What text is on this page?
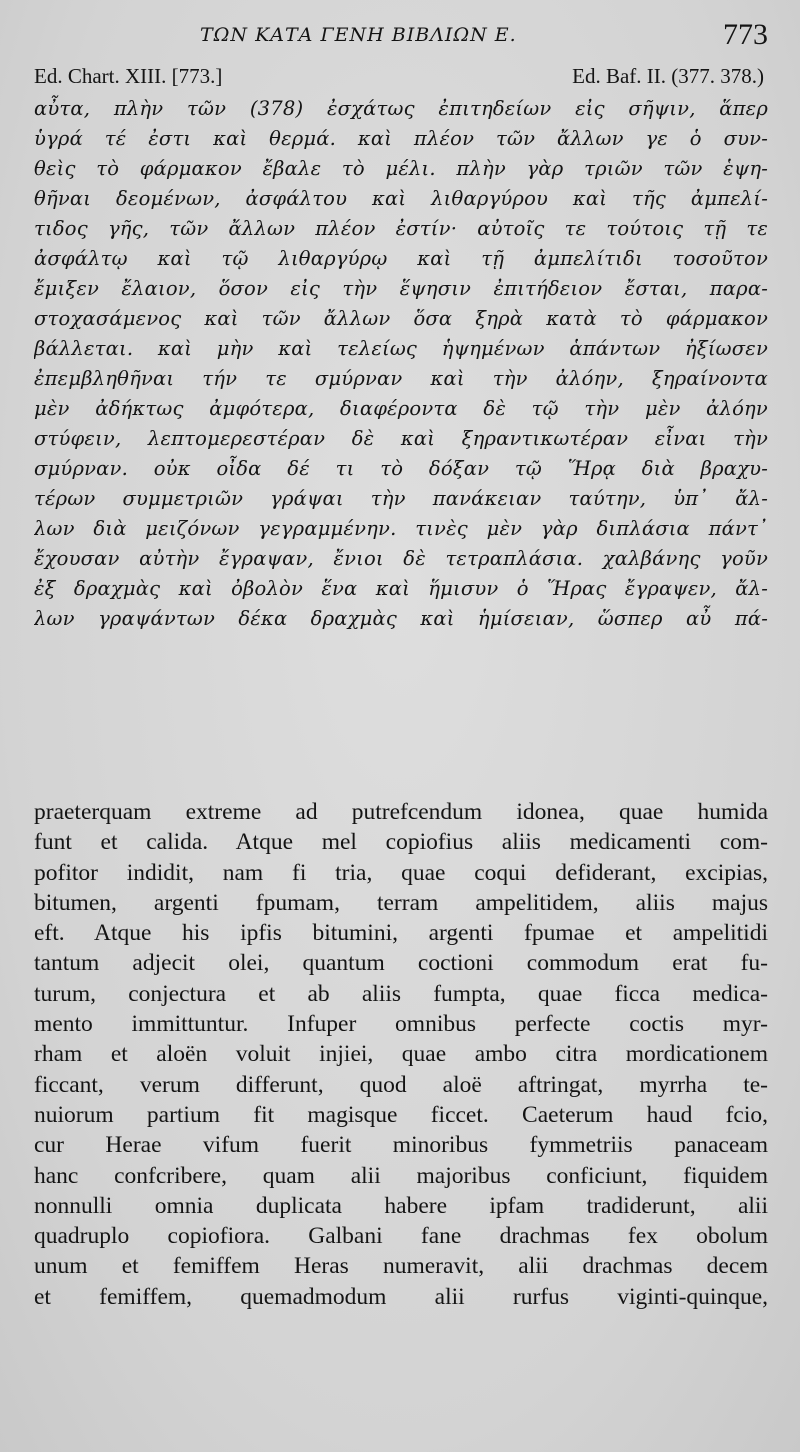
ΤΩΝ ΚΑΤΑ ΓΕΝΗ ΒΙΒΛΙΩΝ Ε.	773
Ed. Chart. XIII. [773.]	Ed. Baf. II. (377. 378.)
αὖτα, πλὴν τῶν (378) ἐσχάτως ἐπιτηδείων εἰς σῆψιν, ἅπερ
ὑγρά τέ ἐστι καὶ θερμά. καὶ πλέον τῶν ἄλλων γε ὁ συν-
θεὶς τὸ φάρμακον ἔβαλε τὸ μέλι. πλὴν γὰρ τριῶν τῶν ἑψη-
θῆναι δεομένων, ἀσφάλτου καὶ λιθαργύρου καὶ τῆς ἀμπελί-
τιδος γῆς, τῶν ἄλλων πλέον ἐστίν· αὐτοῖς τε τούτοις τῇ τε
ἀσφάλτῳ καὶ τῷ λιθαργύρῳ καὶ τῇ ἀμπελίτιδι τοσοῦτον
ἔμιξεν ἔλαιον, ὅσον εἰς τὴν ἕψησιν ἐπιτήδειον ἔσται, παρα-
στοχασάμενος καὶ τῶν ἄλλων ὅσα ξηρὰ κατὰ τὸ φάρμακον
βάλλεται. καὶ μὴν καὶ τελείως ἡψημένων ἁπάντων ἠξίωσεν
ἐπεμβληθῆναι τήν τε σμύρναν καὶ τὴν ἀλόην, ξηραίνοντα
μὲν ἀδήκτως ἀμφότερα, διαφέροντα δὲ τῷ τὴν μὲν ἀλόην
στύφειν, λεπτομερεστέραν δὲ καὶ ξηραντικωτέραν εἶναι τὴν
σμύρναν. οὐκ οἶδα δέ τι τὸ δόξαν τῷ Ἥρᾳ διὰ βραχυ-
τέρων συμμετριῶν γράψαι τὴν πανάκειαν ταύτην, ὑπ᾽ ἄλ-
λων διὰ μειζόνων γεγραμμένην. τινὲς μὲν γὰρ διπλάσια πάντ᾽
ἔχουσαν αὐτὴν ἔγραψαν, ἔνιοι δὲ τετραπλάσια. χαλβάνης γοῦν
ἐξ δραχμὰς καὶ ὀβολὸν ἕνα καὶ ἥμισυν ὁ Ἥρας ἔγραψεν, ἄλ-
λων γραψάντων δέκα δραχμὰς καὶ ἡμίσειαν, ὥσπερ αὖ πά-
praeterquam extreme ad putrefcendum idonea, quae humida
funt et calida. Atque mel copiofius aliis medicamenti com-
pofitor indidit, nam fi tria, quae coqui defiderant, excipias,
bitumen, argenti fpumam, terram ampelitidem, aliis majus
eft. Atque his ipfis bitumini, argenti fpumae et ampelitidi
tantum adjecit olei, quantum coctioni commodum erat fu-
turum, conjectura et ab aliis fumpta, quae ficca medica-
mento immittuntur. Infuper omnibus perfecte coctis myr-
rham et aloën voluit injiei, quae ambo citra mordicationem
ficcant, verum differunt, quod aloë aftringat, myrrha te-
nuiorum partium fit magisque ficcet. Caeterum haud fcio,
cur Herae vifum fuerit minoribus fymmetriis panaceam
hanc confcribere, quam alii majoribus conficiunt, fiquidem
nonnulli omnia duplicata habere ipfam tradiderunt, alii
quadruplo copiofiora. Galbani fane drachmas fex obolum
unum et femiffem Heras numeravit, alii drachmas decem
et femiffem, quemadmodum alii rurfus viginti-quinque,
